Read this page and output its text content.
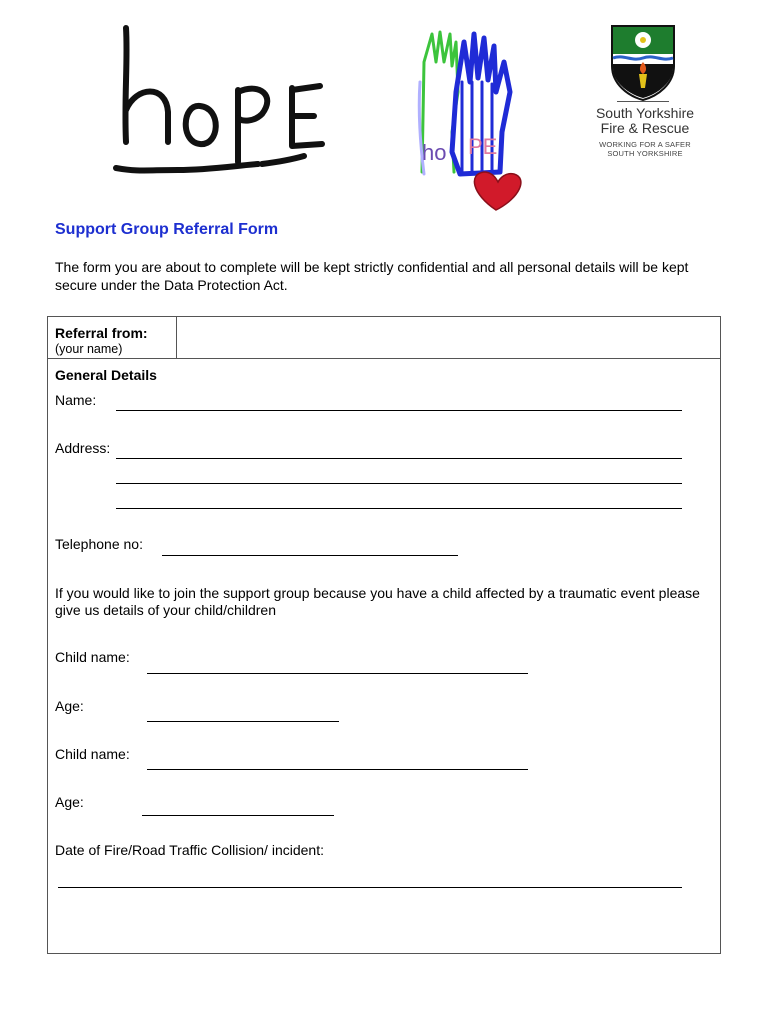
ho PE
South Yorkshire Fire & Rescue
WORKING FOR A SAFER SOUTH YORKSHIRE
Support Group Referral Form
The form you are about to complete will be kept strictly confidential and all personal details will be kept secure under the Data Protection Act.
Referral from:
(your name)
General Details
Name:
Address:
Telephone no:
If you would like to join the support group because you have a child affected by a traumatic event please give us details of your child/children
Child name:
Age:
Child name:
Age:
Date of Fire/Road Traffic Collision/ incident:
